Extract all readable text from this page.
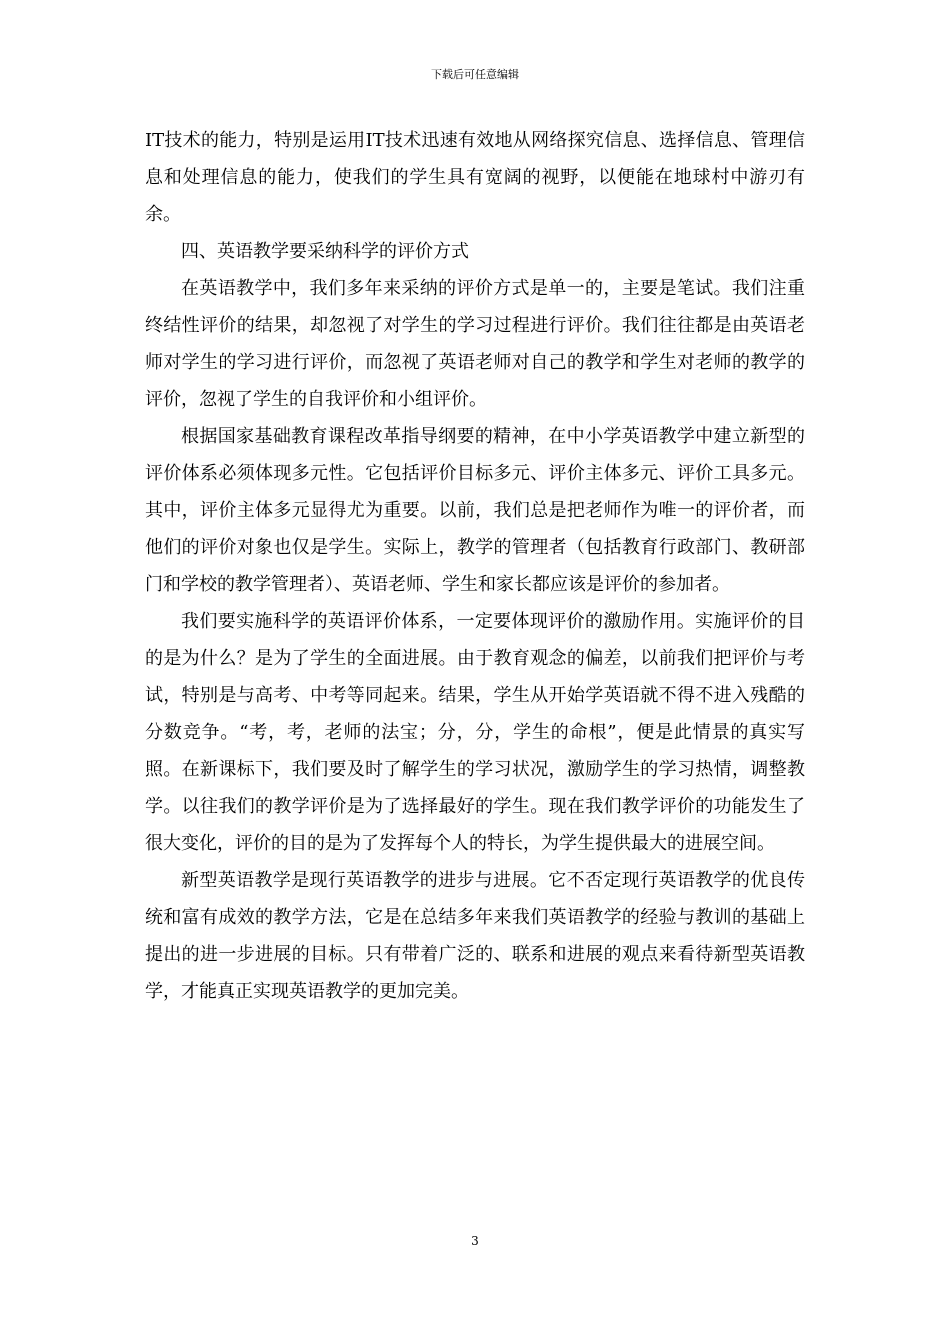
下载后可任意编辑

IT技术的能力，特别是运用IT技术迅速有效地从网络探究信息、选择信息、管理信息和处理信息的能力，使我们的学生具有宽阔的视野，以便能在地球村中游刃有余。

四、英语教学要采纳科学的评价方式

在英语教学中，我们多年来采纳的评价方式是单一的，主要是笔试。我们注重终结性评价的结果，却忽视了对学生的学习过程进行评价。我们往往都是由英语老师对学生的学习进行评价，而忽视了英语老师对自己的教学和学生对老师的教学的评价，忽视了学生的自我评价和小组评价。

根据国家基础教育课程改革指导纲要的精神，在中小学英语教学中建立新型的评价体系必须体现多元性。它包括评价目标多元、评价主体多元、评价工具多元。其中，评价主体多元显得尤为重要。以前，我们总是把老师作为唯一的评价者，而他们的评价对象也仅是学生。实际上，教学的管理者（包括教育行政部门、教研部门和学校的教学管理者）、英语老师、学生和家长都应该是评价的参加者。

我们要实施科学的英语评价体系，一定要体现评价的激励作用。实施评价的目的是为什么？是为了学生的全面进展。由于教育观念的偏差，以前我们把评价与考试，特别是与高考、中考等同起来。结果，学生从开始学英语就不得不进入残酷的分数竞争。“考，考，老师的法宝；分，分，学生的命根”，便是此情景的真实写照。在新课标下，我们要及时了解学生的学习状况，激励学生的学习热情，调整教学。以往我们的教学评价是为了选择最好的学生。现在我们教学评价的功能发生了很大变化，评价的目的是为了发挥每个人的特长，为学生提供最大的进展空间。

新型英语教学是现行英语教学的进步与进展。它不否定现行英语教学的优良传统和富有成效的教学方法，它是在总结多年来我们英语教学的经验与教训的基础上提出的进一步进展的目标。只有带着广泛的、联系和进展的观点来看待新型英语教学，才能真正实现英语教学的更加完美。

3
